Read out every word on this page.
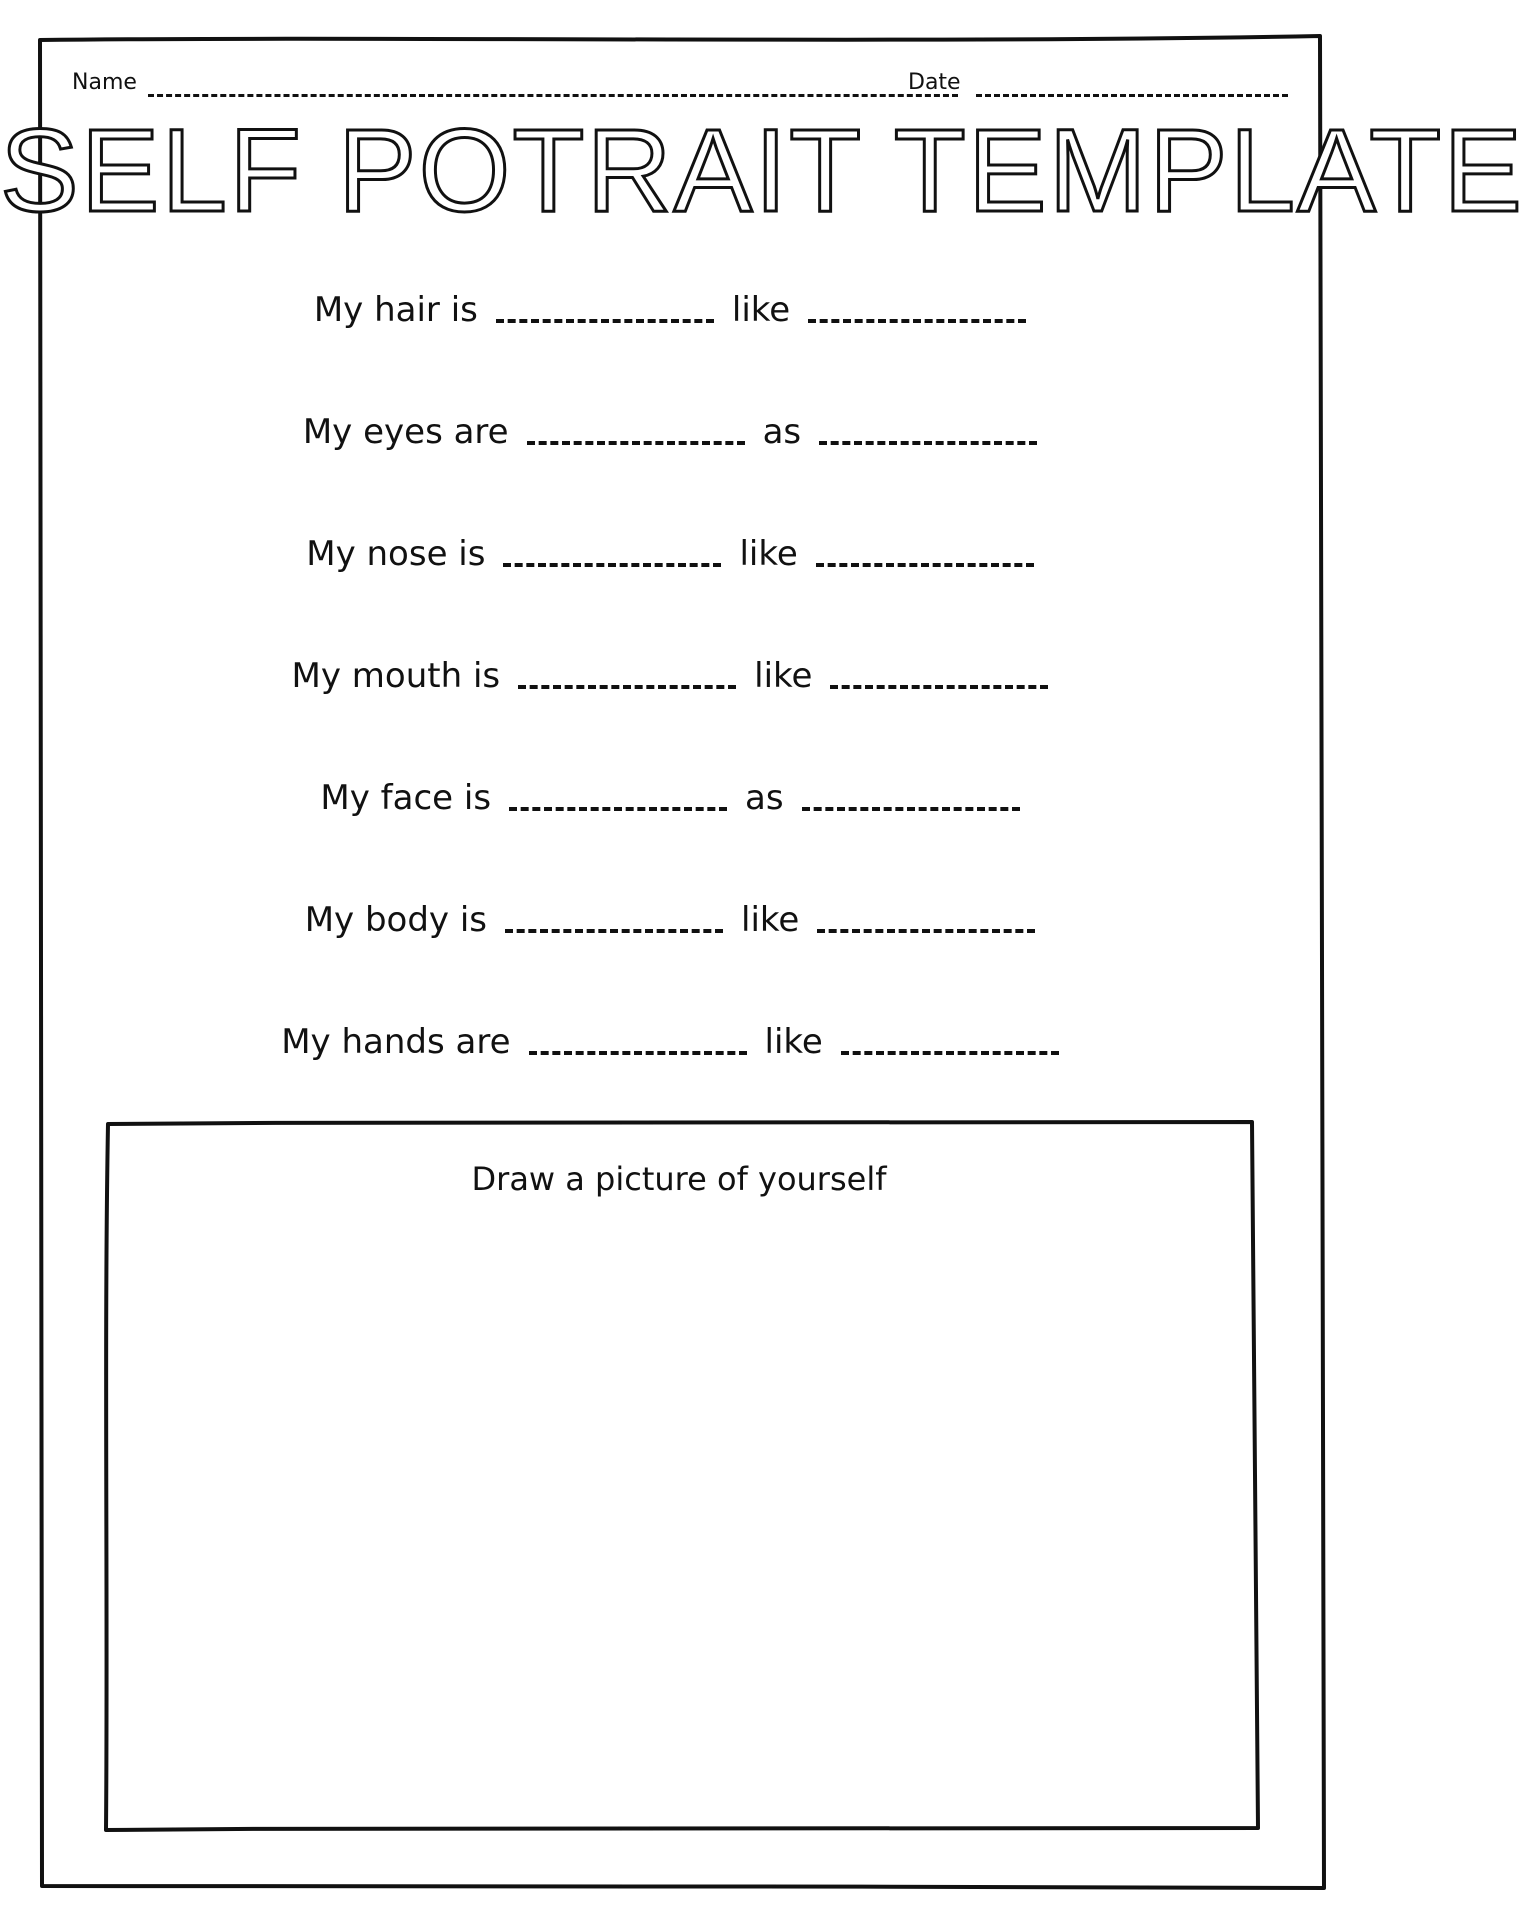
Name	Date
SELF POTRAIT TEMPLATE
My hair is	like
My eyes are	as
My nose is	like
My mouth is	like
My face is	as
My body is	like
My hands are	like
Draw a picture of yourself
